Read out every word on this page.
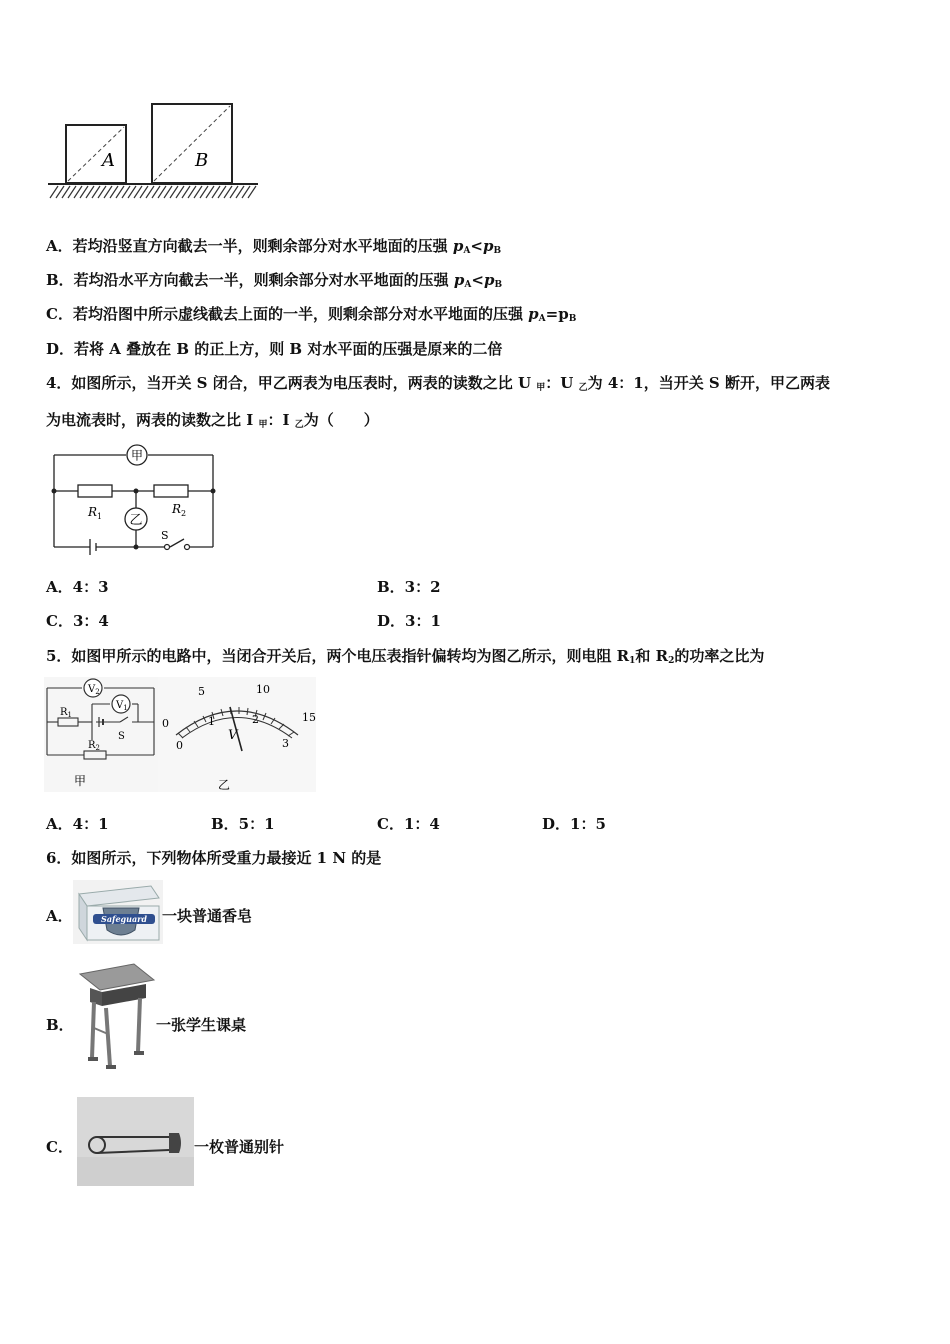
A	B
A．若均沿竖直方向截去一半，则剩余部分对水平地面的压强 $p_A<p_B$
B．若均沿水平方向截去一半，则剩余部分对水平地面的压强 $p_A<p_B$
C．若均沿图中所示虚线截去上面的一半，则剩余部分对水平地面的压强 $p_A=p_B$
D．若将 A 叠放在 B 的正上方，则 B 对水平面的压强是原来的二倍
4．如图所示，当开关 S 闭合，甲乙两表为电压表时，两表的读数之比 U $_甲$：U $_乙$为 4：1，当开关 S 断开，甲乙两表
为电流表时，两表的读数之比 I $_甲$：I $_乙$为（　　）
甲
乙
$R_1$
$R_2$
S
A．4：3	B．3：2
C．3：4	D．3：1
5．如图甲所示的电路中，当闭合开关后，两个电压表指针偏转均为图乙所示，则电阻 $R_1$和 $R_2$的功率之比为
$V_2$
$V_1$
$R_1$
$R_2$
S
甲
0
5	10
15
0
1	2
3
V
乙
A．4：1	B．5：1	C．1：4	D．1：5
6．如图所示，下列物体所受重力最接近 1 N 的是
A．	Safeguard 一块普通香皂
B．	一张学生课桌
C．	一枚普通别针
